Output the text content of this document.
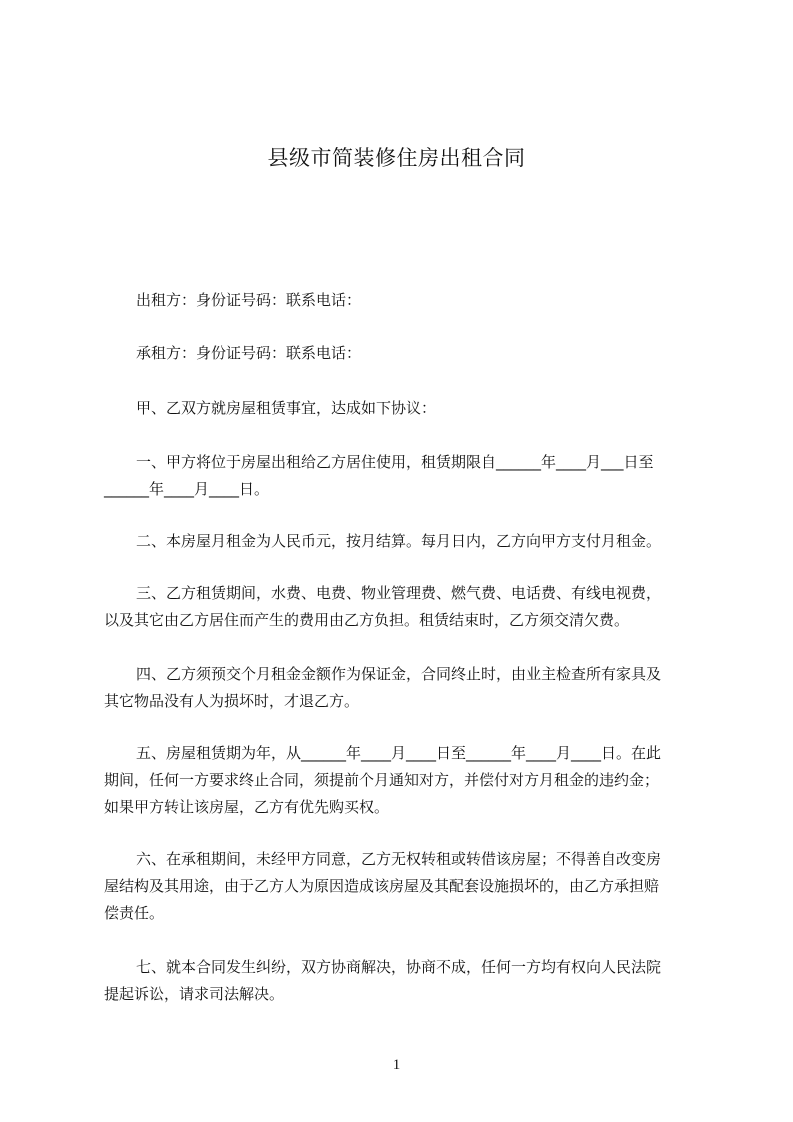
县级市简装修住房出租合同

出租方：身份证号码：联系电话：

承租方：身份证号码：联系电话：

甲、乙双方就房屋租赁事宜，达成如下协议：

一、甲方将位于房屋出租给乙方居住使用，租赁期限自______年____月___日至
______年____月____日。

二、本房屋月租金为人民币元，按月结算。每月日内，乙方向甲方支付月租金。

三、乙方租赁期间，水费、电费、物业管理费、燃气费、电话费、有线电视费，
以及其它由乙方居住而产生的费用由乙方负担。租赁结束时，乙方须交清欠费。

四、乙方须预交个月租金金额作为保证金，合同终止时，由业主检查所有家具及
其它物品没有人为损坏时，才退乙方。

五、房屋租赁期为年，从______年____月____日至______年____月____日。在此
期间，任何一方要求终止合同，须提前个月通知对方，并偿付对方月租金的违约金；
如果甲方转让该房屋，乙方有优先购买权。

六、在承租期间，未经甲方同意，乙方无权转租或转借该房屋；不得善自改变房
屋结构及其用途，由于乙方人为原因造成该房屋及其配套设施损坏的，由乙方承担赔
偿责任。

七、就本合同发生纠纷，双方协商解决，协商不成，任何一方均有权向人民法院
提起诉讼，请求司法解决。

1
